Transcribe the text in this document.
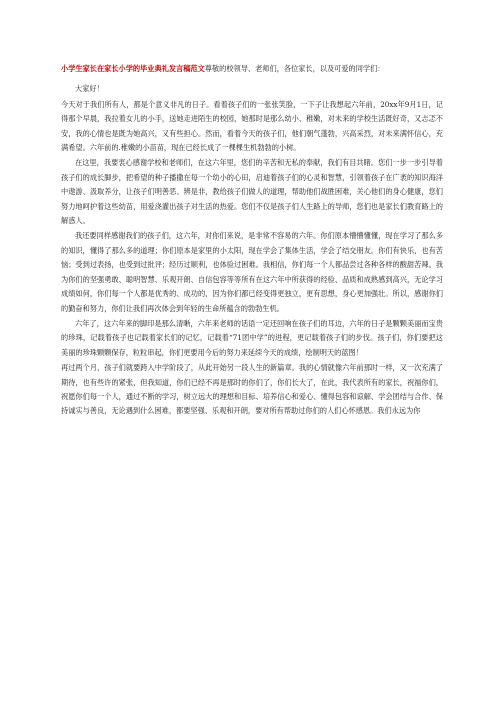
小学生家长在家长小学的毕业典礼发言稿范文尊敬的校领导、老师们，各位家长，以及可爱的同学们：

大家好！

今天对于我们所有人，都是个意义非凡的日子。看着孩子们的一张张笑脸，一下子让我想起六年前，20xx年9月1日，记得那个早晨，我拉着女儿的小手，送她走进陌生的校园，她那时是那么幼小、稚嫩，对未来的学校生活既好奇，又忐忑不安，我的心情也是既为她高兴，又有些担心。然而，看着今天的孩子们，他们朝气蓬勃，兴高采烈，对未来满怀信心，充满希望。六年前的.稚嫩的小苗苗，现在已经长成了一棵棵生机勃勃的小树。

在这里，我要衷心感谢学校和老师们，在这六年里，您们的辛苦和无私的奉献，我们有目共睹。您们一步一步引导着孩子们的成长脚步，把希望的种子播撒在每一个幼小的心田，启迪着孩子们的心灵和智慧，引领着孩子在广袤的知识海洋中遨游、汲取养分，让孩子们明善恶、辨是非，教给孩子们做人的道理，帮助他们战胜困难，关心他们的身心健康，您们努力地呵护着这些幼苗，用爱浇灌出孩子对生活的热爱。您们不仅是孩子们人生路上的导师，您们也是家长们教育路上的解惑人。

我还要同样感谢我们的孩子们，这六年，对你们来说，是非常不容易的六年。你们原本懵懵懂懂，现在学习了那么多的知识，懂得了那么多的道理；你们原本是家里的小太阳，现在学会了集体生活，学会了结交朋友。你们有快乐，也有苦恼；受到过表扬，也受到过批评；经历过顺利，也体验过困难。我相信，你们每一个人都品尝过各种各样的酸甜苦辣。我为你们的坚强勇敢、聪明智慧、乐观开朗、自信包容等等所有在这六年中所获得的经验、品质和成熟感到高兴，无论学习成绩如何，你们每一个人都是优秀的、成功的，因为你们都已经变得更独立，更有思想，身心更加强壮。所以，感谢你们的勤奋和努力，你们让我们再次体会到年轻的生命所蕴含的勃勃生机。

六年了，这六年来的脚印是那么清晰，六年来老师的话语一定还回响在孩子们的耳边，六年的日子是颗颗美丽而宝贵的珍珠，记载着孩子也记载着家长们的记忆，记载着“71团中学”的进程，更记载着孩子们的步伐。孩子们，你们要把这美丽的珍珠颗颗保存，粒粒串起，你们更要用今后的努力来延续今天的成绩，绘制明天的蓝图！

再过两个月，孩子们就要跨入中学阶段了，从此开始另一段人生的新篇章。我的心情就像六年前那时一样，又一次充满了期待，也有些许的紧张，但我知道，你们已经不再是那时的你们了，你们长大了，在此，我代表所有的家长，祝福你们，祝愿你们每一个人，通过不断的学习，树立远大的理想和目标、培养信心和爱心、懂得包容和谅解、学会团结与合作、保持诚实与善良，无论遇到什么困难，都要坚强、乐观和开朗，要对所有帮助过你们的人们心怀感恩。我们永远为你
